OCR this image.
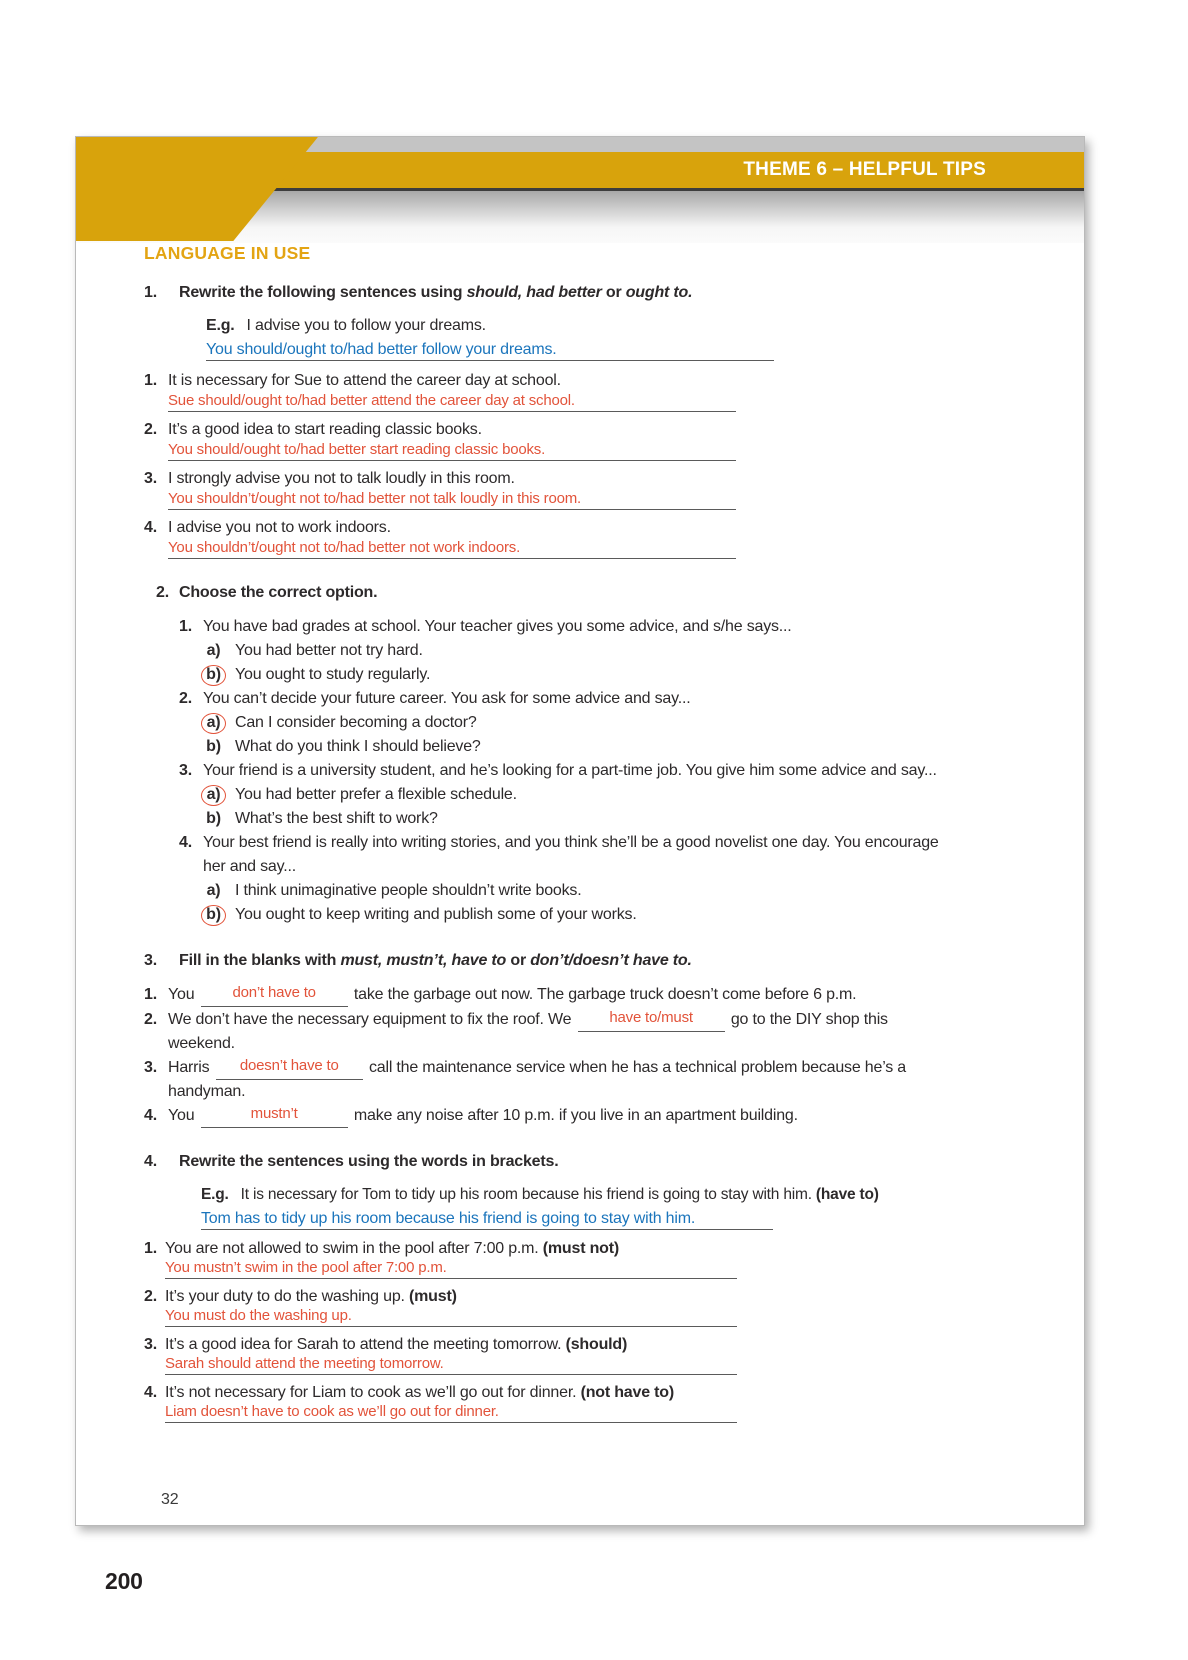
THEME 6 – HELPFUL TIPS
LANGUAGE IN USE
1.	Rewrite the following sentences using should, had better or ought to.
E.g. I advise you to follow your dreams.
You should/ought to/had better follow your dreams.
1. It is necessary for Sue to attend the career day at school.
Sue should/ought to/had better attend the career day at school.
2. It’s a good idea to start reading classic books.
You should/ought to/had better start reading classic books.
3. I strongly advise you not to talk loudly in this room.
You shouldn’t/ought not to/had better not talk loudly in this room.
4. I advise you not to work indoors.
You shouldn’t/ought not to/had better not work indoors.
2. Choose the correct option.
1. You have bad grades at school. Your teacher gives you some advice, and s/he says...
a) You had better not try hard.
b) You ought to study regularly.
2. You can’t decide your future career. You ask for some advice and say...
a) Can I consider becoming a doctor?
b) What do you think I should believe?
3. Your friend is a university student, and he’s looking for a part-time job. You give him some advice and say...
a) You had better prefer a flexible schedule.
b) What’s the best shift to work?
4. Your best friend is really into writing stories, and you think she’ll be a good novelist one day. You encourage her and say...
a) I think unimaginative people shouldn’t write books.
b) You ought to keep writing and publish some of your works.
3.	Fill in the blanks with must, mustn’t, have to or don’t/doesn’t have to.
1. You	don’t have to take the garbage out now. The garbage truck doesn’t come before 6 p.m.
2. We don’t have the necessary equipment to fix the roof. We	have to/must go to the DIY shop this weekend.
3. Harris doesn’t have to call the maintenance service when he has a technical problem because he’s a handyman.
4. You	mustn’t	make any noise after 10 p.m. if you live in an apartment building.
4.	Rewrite the sentences using the words in brackets.
E.g. It is necessary for Tom to tidy up his room because his friend is going to stay with him. (have to)
Tom has to tidy up his room because his friend is going to stay with him.
1. You are not allowed to swim in the pool after 7:00 p.m. (must not)
You mustn’t swim in the pool after 7:00 p.m.
2. It’s your duty to do the washing up. (must)
You must do the washing up.
3. It’s a good idea for Sarah to attend the meeting tomorrow. (should)
Sarah should attend the meeting tomorrow.
4. It’s not necessary for Liam to cook as we’ll go out for dinner. (not have to)
Liam doesn’t have to cook as we’ll go out for dinner.
32
200
